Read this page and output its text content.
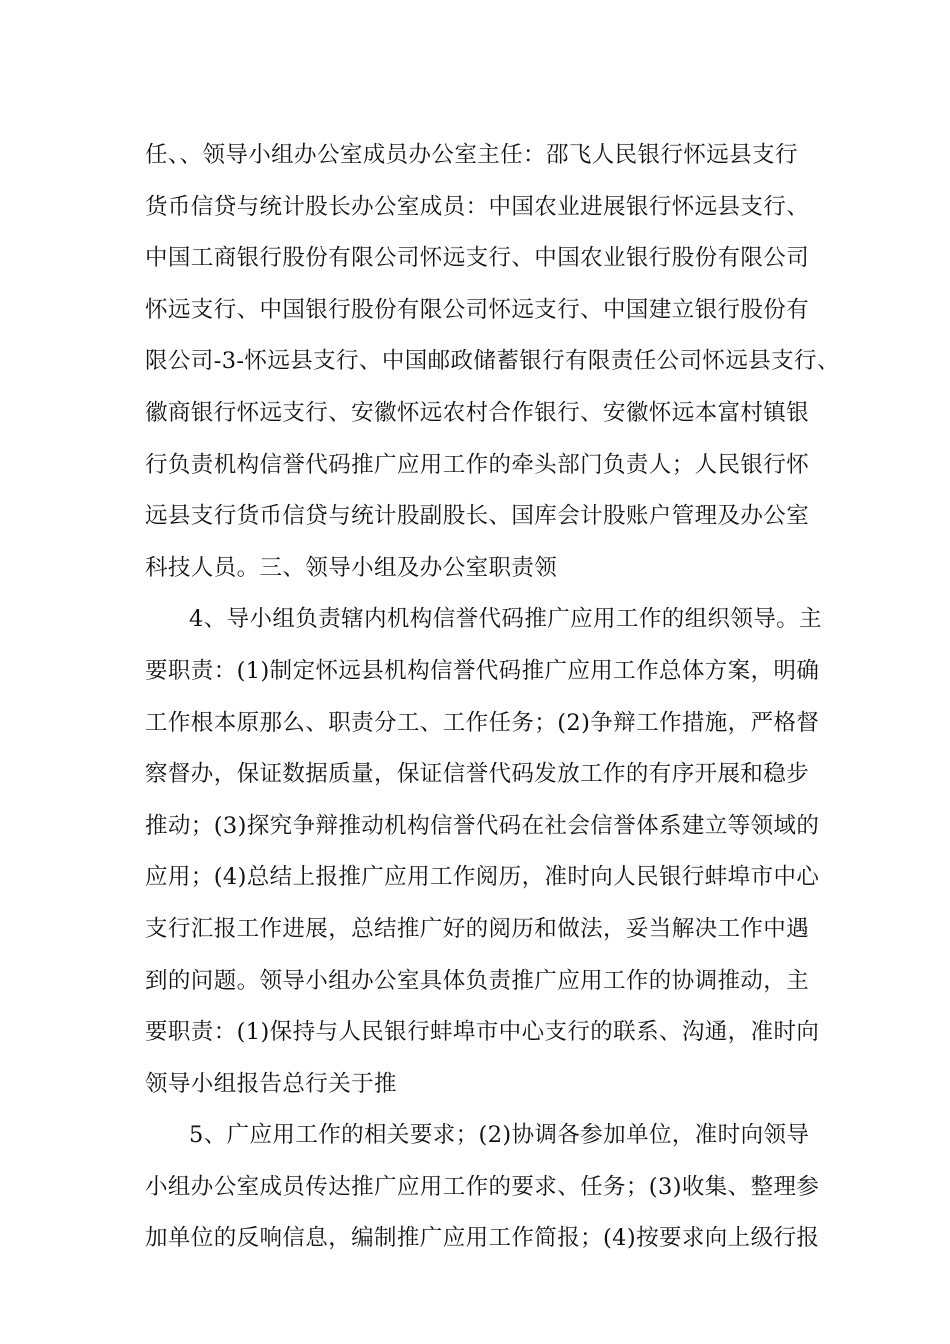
任、、领导小组办公室成员办公室主任：邵飞人民银行怀远县支行
货币信贷与统计股长办公室成员：中国农业进展银行怀远县支行、
中国工商银行股份有限公司怀远支行、中国农业银行股份有限公司
怀远支行、中国银行股份有限公司怀远支行、中国建立银行股份有
限公司-3-怀远县支行、中国邮政储蓄银行有限责任公司怀远县支行、
徽商银行怀远支行、安徽怀远农村合作银行、安徽怀远本富村镇银
行负责机构信誉代码推广应用工作的牵头部门负责人；人民银行怀
远县支行货币信贷与统计股副股长、国库会计股账户管理及办公室
科技人员。三、领导小组及办公室职责领
4、导小组负责辖内机构信誉代码推广应用工作的组织领导。主
要职责：(1)制定怀远县机构信誉代码推广应用工作总体方案，明确
工作根本原那么、职责分工、工作任务；(2)争辩工作措施，严格督
察督办，保证数据质量，保证信誉代码发放工作的有序开展和稳步
推动；(3)探究争辩推动机构信誉代码在社会信誉体系建立等领域的
应用；(4)总结上报推广应用工作阅历，准时向人民银行蚌埠市中心
支行汇报工作进展，总结推广好的阅历和做法，妥当解决工作中遇
到的问题。领导小组办公室具体负责推广应用工作的协调推动，主
要职责：(1)保持与人民银行蚌埠市中心支行的联系、沟通，准时向
领导小组报告总行关于推
5、广应用工作的相关要求；(2)协调各参加单位，准时向领导
小组办公室成员传达推广应用工作的要求、任务；(3)收集、整理参
加单位的反响信息，编制推广应用工作简报；(4)按要求向上级行报
